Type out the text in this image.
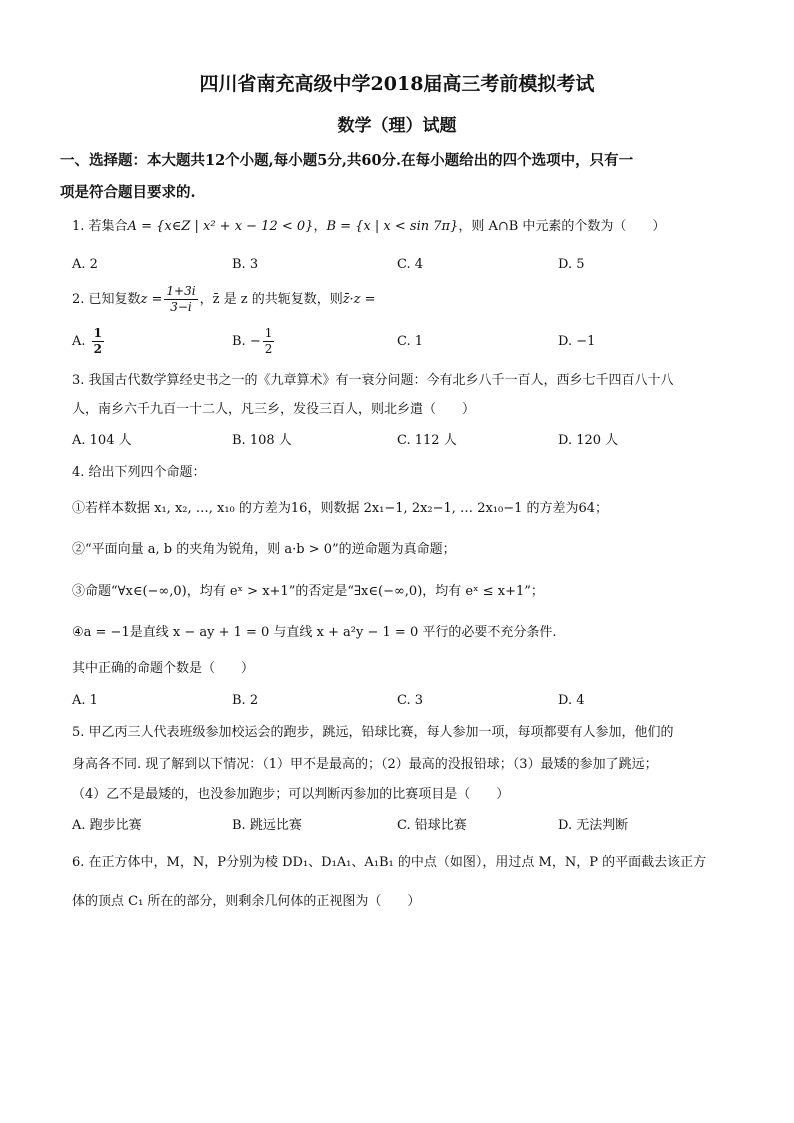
四川省南充高级中学2018届高三考前模拟考试
数学（理）试题
一、选择题：本大题共12个小题,每小题5分,共60分.在每小题给出的四个选项中，只有一
项是符合题目要求的.
1. 若集合A = {x∈Z | x² + x − 12 < 0}，B = {x | x < sin 7π}，则 A∩B 中元素的个数为（　　）
A. 2	B. 3	C. 4	D. 5
2. 已知复数$z = \frac{1+3i}{3-i}$ ，z̄ 是 z 的共轭复数，则z̄·z =
A. $\frac{1}{2}$	B. − $\frac{1}{2}$	C. 1	D. −1
3. 我国古代数学算经史书之一的《九章算术》有一衰分问题：今有北乡八千一百人，西乡七千四百八十八
人，南乡六千九百一十二人，凡三乡，发役三百人，则北乡遣（　　）
A. 104 人	B. 108 人	C. 112 人	D. 120 人
4. 给出下列四个命题：
①若样本数据 x₁, x₂, …, x₁₀ 的方差为16，则数据 2x₁−1, 2x₂−1, … 2x₁₀−1 的方差为64；
②“平面向量 a, b 的夹角为锐角，则 a·b > 0”的逆命题为真命题；
③命题“∀x∈(−∞,0)，均有 eˣ > x+1”的否定是“∃x∈(−∞,0)，均有 eˣ ≤ x+1”；
④a = −1是直线 x − ay + 1 = 0 与直线 x + a²y − 1 = 0 平行的必要不充分条件.
其中正确的命题个数是（　　）
A. 1	B. 2	C. 3	D. 4
5. 甲乙丙三人代表班级参加校运会的跑步，跳远，铅球比赛，每人参加一项，每项都要有人参加，他们的
身高各不同. 现了解到以下情况：（1）甲不是最高的；（2）最高的没报铅球；（3）最矮的参加了跳远；
（4）乙不是最矮的，也没参加跑步；可以判断丙参加的比赛项目是（　　）
A. 跑步比赛	B. 跳远比赛	C. 铅球比赛	D. 无法判断
6. 在正方体中，M，N，P分别为棱 DD₁、D₁A₁、A₁B₁ 的中点（如图），用过点 M，N，P 的平面截去该正方
体的顶点 C₁ 所在的部分，则剩余几何体的正视图为（　　）
